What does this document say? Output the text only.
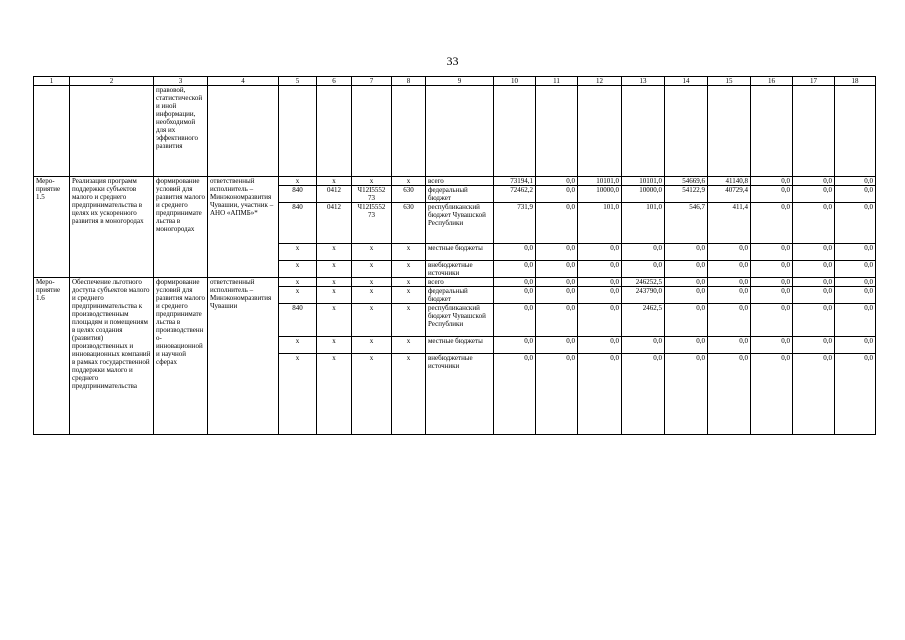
33
1	2	3	4	5	6	7	8	9	10	11	12	13	14	15	16	17	18
		правовой, статистической и иной информации, необходимой для их эффективного развития															
Меро-приятие 1.5	Реализация программ поддержки субъектов малого и среднего предпринимательства в целях их ускоренного развития в моногородах	формирование условий для развития малого и среднего предпринимательства в моногородах	ответственный исполнитель – Минэкономразвития Чувашии, участник – АНО «АПМБ»*	x	x	x	x	всего	73194,1	0,0	10101,0	10101,0	54669,6	41140,8	0,0	0,0	0,0
				840	0412	Ч12I5552 73	630	федеральный бюджет	72462,2	0,0	10000,0	10000,0	54122,9	40729,4	0,0	0,0	0,0
				840	0412	Ч12I5552 73	630	республиканский бюджет Чувашской Республики	731,9	0,0	101,0	101,0	546,7	411,4	0,0	0,0	0,0
				x	x	x	x	местные бюджеты	0,0	0,0	0,0	0,0	0,0	0,0	0,0	0,0	0,0
				x	x	x	x	внебюджетные источники	0,0	0,0	0,0	0,0	0,0	0,0	0,0	0,0	0,0
Меро-приятие 1.6	Обеспечение льготного доступа субъектов малого и среднего предпринимательства к производственным площадям и помещениям в целях создания (развития) производственных и инновационных компаний в рамках государственной поддержки малого и среднего предпринимательства	формирование условий для развития малого и среднего предпринимательства в производственно-инновационной и научной сферах	ответственный исполнитель – Минэкономразвития Чувашии	x	x	x	x	всего	0,0	0,0	0,0	246252,5	0,0	0,0	0,0	0,0	0,0
				x	x	x	x	федеральный бюджет	0,0	0,0	0,0	243790,0	0,0	0,0	0,0	0,0	0,0
				840	x	x	x	республиканский бюджет Чувашской Республики	0,0	0,0	0,0	2462,5	0,0	0,0	0,0	0,0	0,0
				x	x	x	x	местные бюджеты	0,0	0,0	0,0	0,0	0,0	0,0	0,0	0,0	0,0
				x	x	x	x	внебюджетные источники	0,0	0,0	0,0	0,0	0,0	0,0	0,0	0,0	0,0
